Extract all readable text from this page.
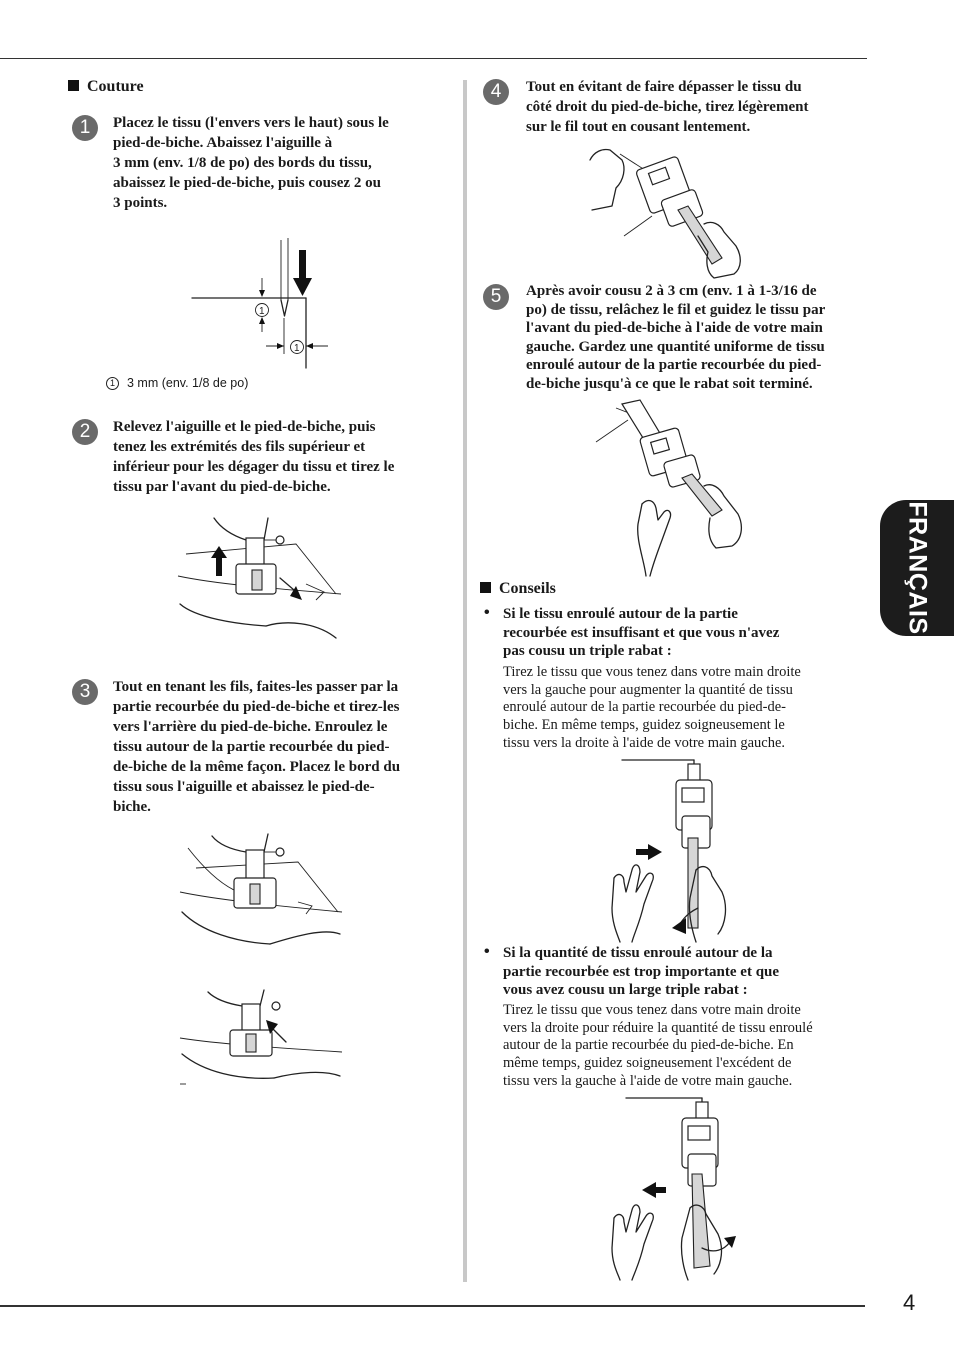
FRANÇAIS
4
Couture
1	Placez le tissu (l'envers vers le haut) sous le
pied-de-biche. Abaissez l'aiguille à
3 mm (env. 1/8 de po) des bords du tissu,
abaissez le pied-de-biche, puis cousez 2 ou
3 points.
1
1
1 3 mm (env. 1/8 de po)
2	Relevez l'aiguille et le pied-de-biche, puis
tenez les extrémités des fils supérieur et
inférieur pour les dégager du tissu et tirez le
tissu par l'avant du pied-de-biche.
3	Tout en tenant les fils, faites-les passer par la
partie recourbée du pied-de-biche et tirez-les
vers l'arrière du pied-de-biche. Enroulez le
tissu autour de la partie recourbée du pied-
de-biche de la même façon. Placez le bord du
tissu sous l'aiguille et abaissez le pied-de-
biche.
4	Tout en évitant de faire dépasser le tissu du
côté droit du pied-de-biche, tirez légèrement
sur le fil tout en cousant lentement.
5	Après avoir cousu 2 à 3 cm (env. 1 à 1-3/16 de
po) de tissu, relâchez le fil et guidez le tissu par
l'avant du pied-de-biche à l'aide de votre main
gauche. Gardez une quantité uniforme de tissu
enroulé autour de la partie recourbée du pied-
de-biche jusqu'à ce que le rabat soit terminé.
Conseils
• Si le tissu enroulé autour de la partie
recourbée est insuffisant et que vous n'avez
pas cousu un triple rabat :
Tirez le tissu que vous tenez dans votre main droite
vers la gauche pour augmenter la quantité de tissu
enroulé autour de la partie recourbée du pied-de-
biche. En même temps, guidez soigneusement le
tissu vers la droite à l'aide de votre main gauche.
• Si la quantité de tissu enroulé autour de la
partie recourbée est trop importante et que
vous avez cousu un large triple rabat :
Tirez le tissu que vous tenez dans votre main droite
vers la droite pour réduire la quantité de tissu enroulé
autour de la partie recourbée du pied-de-biche. En
même temps, guidez soigneusement l'excédent de
tissu vers la gauche à l'aide de votre main gauche.
